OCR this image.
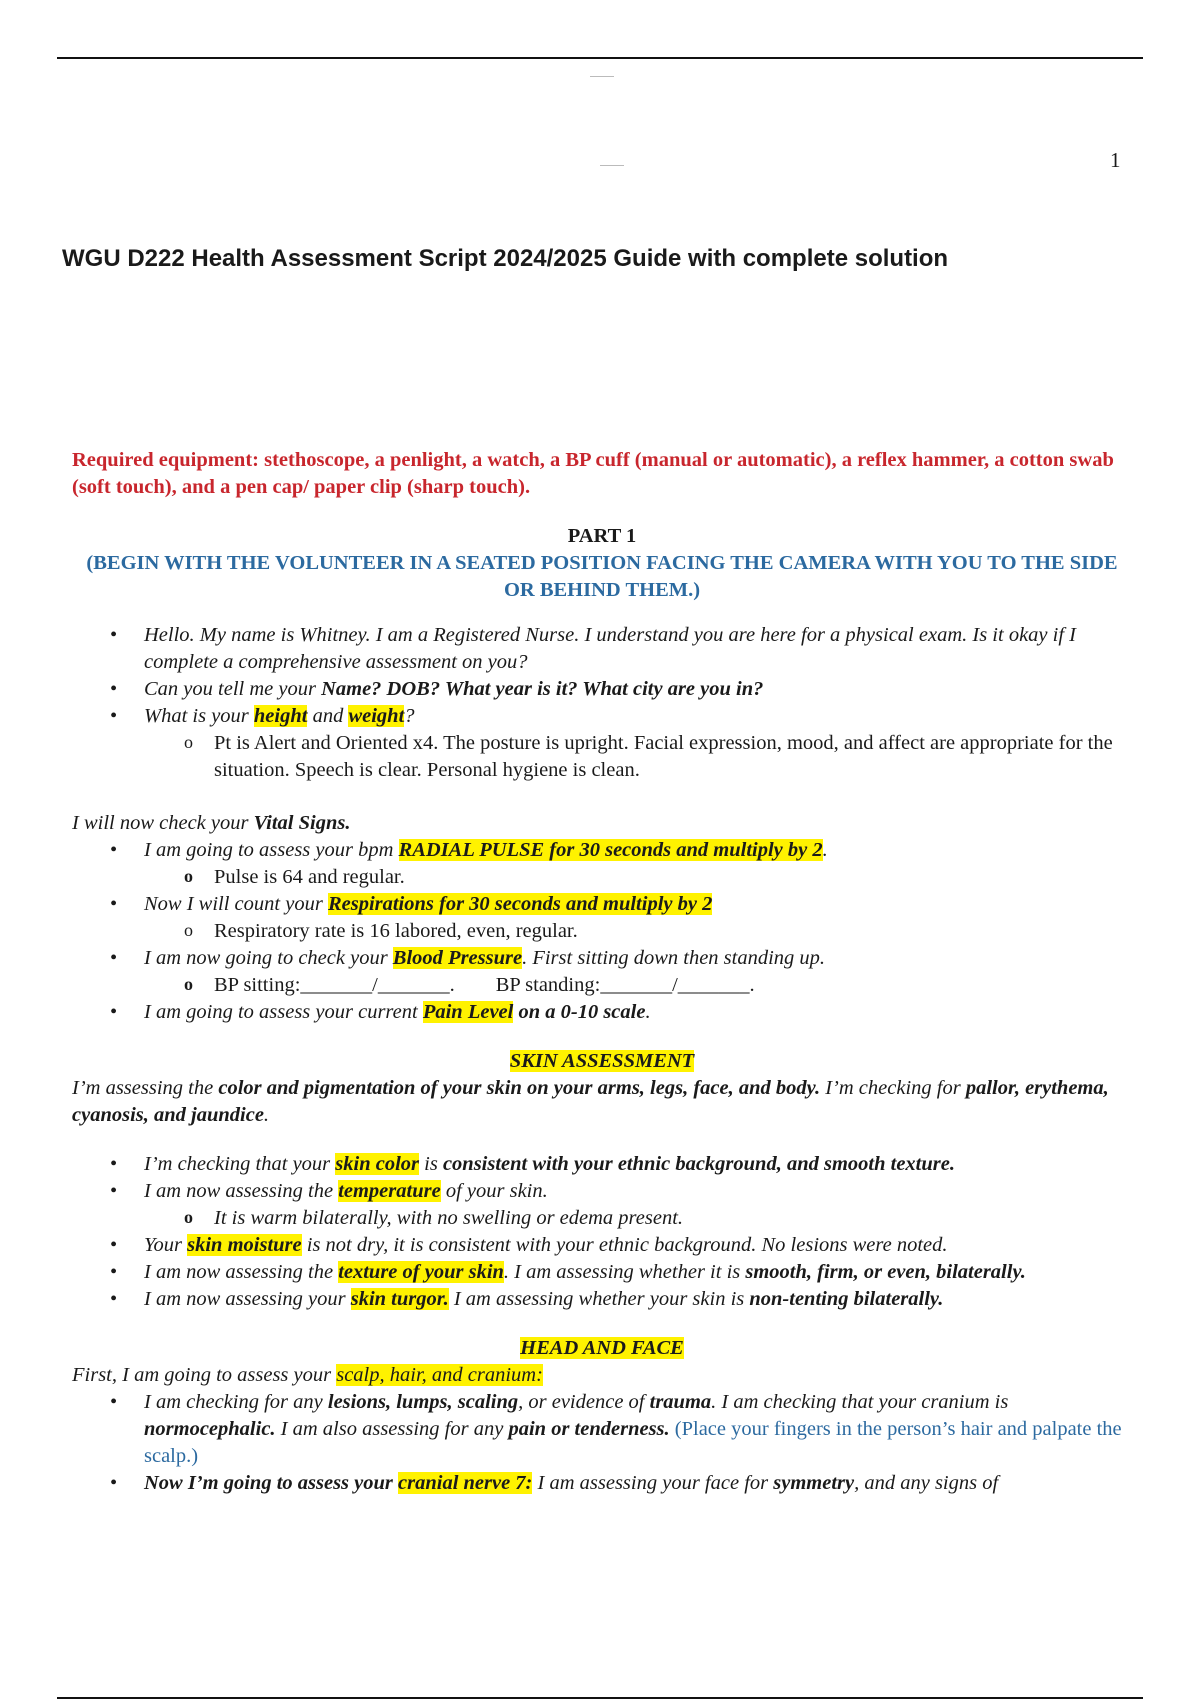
1
WGU D222 Health Assessment Script 2024/2025 Guide with complete solution

Required equipment: stethoscope, a penlight, a watch, a BP cuff (manual or automatic), a reflex hammer, a cotton swab (soft touch), and a pen cap/ paper clip (sharp touch).

PART 1

(BEGIN WITH THE VOLUNTEER IN A SEATED POSITION FACING THE CAMERA WITH YOU TO THE SIDE OR BEHIND THEM.)

• Hello. My name is Whitney. I am a Registered Nurse. I understand you are here for a physical exam. Is it okay if I complete a comprehensive assessment on you?
• Can you tell me your Name? DOB? What year is it? What city are you in?
• What is your height and weight?
o Pt is Alert and Oriented x4. The posture is upright. Facial expression, mood, and affect are appropriate for the situation. Speech is clear. Personal hygiene is clean.

I will now check your Vital Signs.

• I am going to assess your bpm RADIAL PULSE for 30 seconds and multiply by 2.
o Pulse is 64 and regular.
• Now I will count your Respirations for 30 seconds and multiply by 2
o Respiratory rate is 16 labored, even, regular.
• I am now going to check your Blood Pressure. First sitting down then standing up.
o BP sitting:_______/_______.        BP standing:_______/_______.
• I am going to assess your current Pain Level on a 0-10 scale.

SKIN ASSESSMENT

I’m assessing the color and pigmentation of your skin on your arms, legs, face, and body. I’m checking for pallor, erythema, cyanosis, and jaundice.

• I’m checking that your skin color is consistent with your ethnic background, and smooth texture.
• I am now assessing the temperature of your skin.
o It is warm bilaterally, with no swelling or edema present.
• Your skin moisture is not dry, it is consistent with your ethnic background. No lesions were noted.
• I am now assessing the texture of your skin. I am assessing whether it is smooth, firm, or even, bilaterally.
• I am now assessing your skin turgor. I am assessing whether your skin is non-tenting bilaterally.

HEAD AND FACE

First, I am going to assess your scalp, hair, and cranium:

• I am checking for any lesions, lumps, scaling, or evidence of trauma. I am checking that your cranium is normocephalic. I am also assessing for any pain or tenderness. (Place your fingers in the person’s hair and palpate the scalp.)
• Now I’m going to assess your cranial nerve 7: I am assessing your face for symmetry, and any signs of
